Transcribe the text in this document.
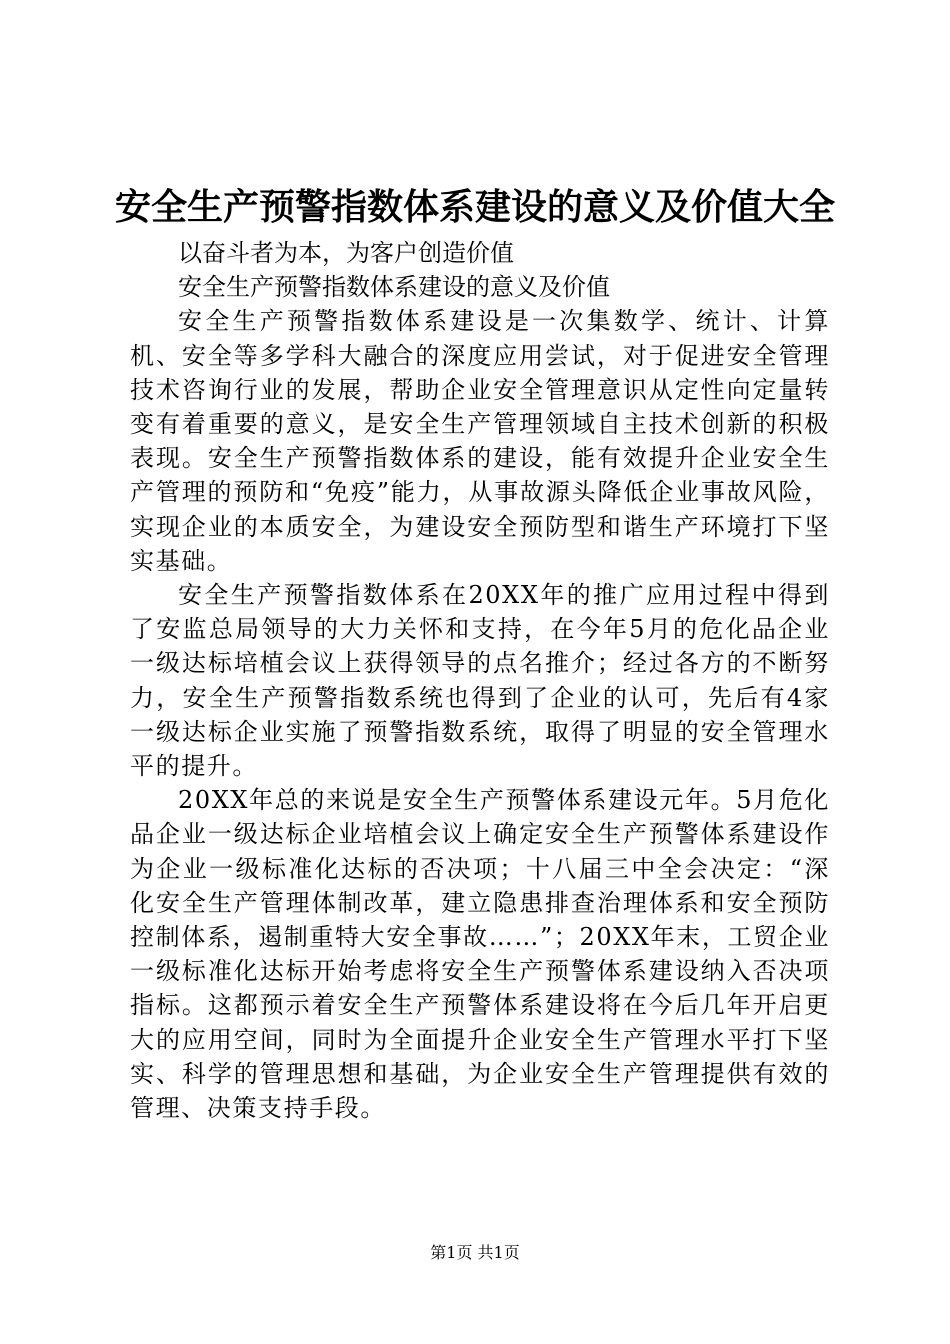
安全生产预警指数体系建设的意义及价值大全

以奋斗者为本，为客户创造价值

安全生产预警指数体系建设的意义及价值

安全生产预警指数体系建设是一次集数学、统计、计算机、安全等多学科大融合的深度应用尝试，对于促进安全管理技术咨询行业的发展，帮助企业安全管理意识从定性向定量转变有着重要的意义，是安全生产管理领域自主技术创新的积极表现。安全生产预警指数体系的建设，能有效提升企业安全生产管理的预防和“免疫”能力，从事故源头降低企业事故风险，实现企业的本质安全，为建设安全预防型和谐生产环境打下坚实基础。

安全生产预警指数体系在20XX年的推广应用过程中得到了安监总局领导的大力关怀和支持，在今年5月的危化品企业一级达标培植会议上获得领导的点名推介；经过各方的不断努力，安全生产预警指数系统也得到了企业的认可，先后有4家一级达标企业实施了预警指数系统，取得了明显的安全管理水平的提升。

20XX年总的来说是安全生产预警体系建设元年。5月危化品企业一级达标企业培植会议上确定安全生产预警体系建设作为企业一级标准化达标的否决项；十八届三中全会决定：“深化安全生产管理体制改革，建立隐患排查治理体系和安全预防控制体系，遏制重特大安全事故……”；20XX年末，工贸企业一级标准化达标开始考虑将安全生产预警体系建设纳入否决项指标。这都预示着安全生产预警体系建设将在今后几年开启更大的应用空间，同时为全面提升企业安全生产管理水平打下坚实、科学的管理思想和基础，为企业安全生产管理提供有效的管理、决策支持手段。

第1页 共1页
